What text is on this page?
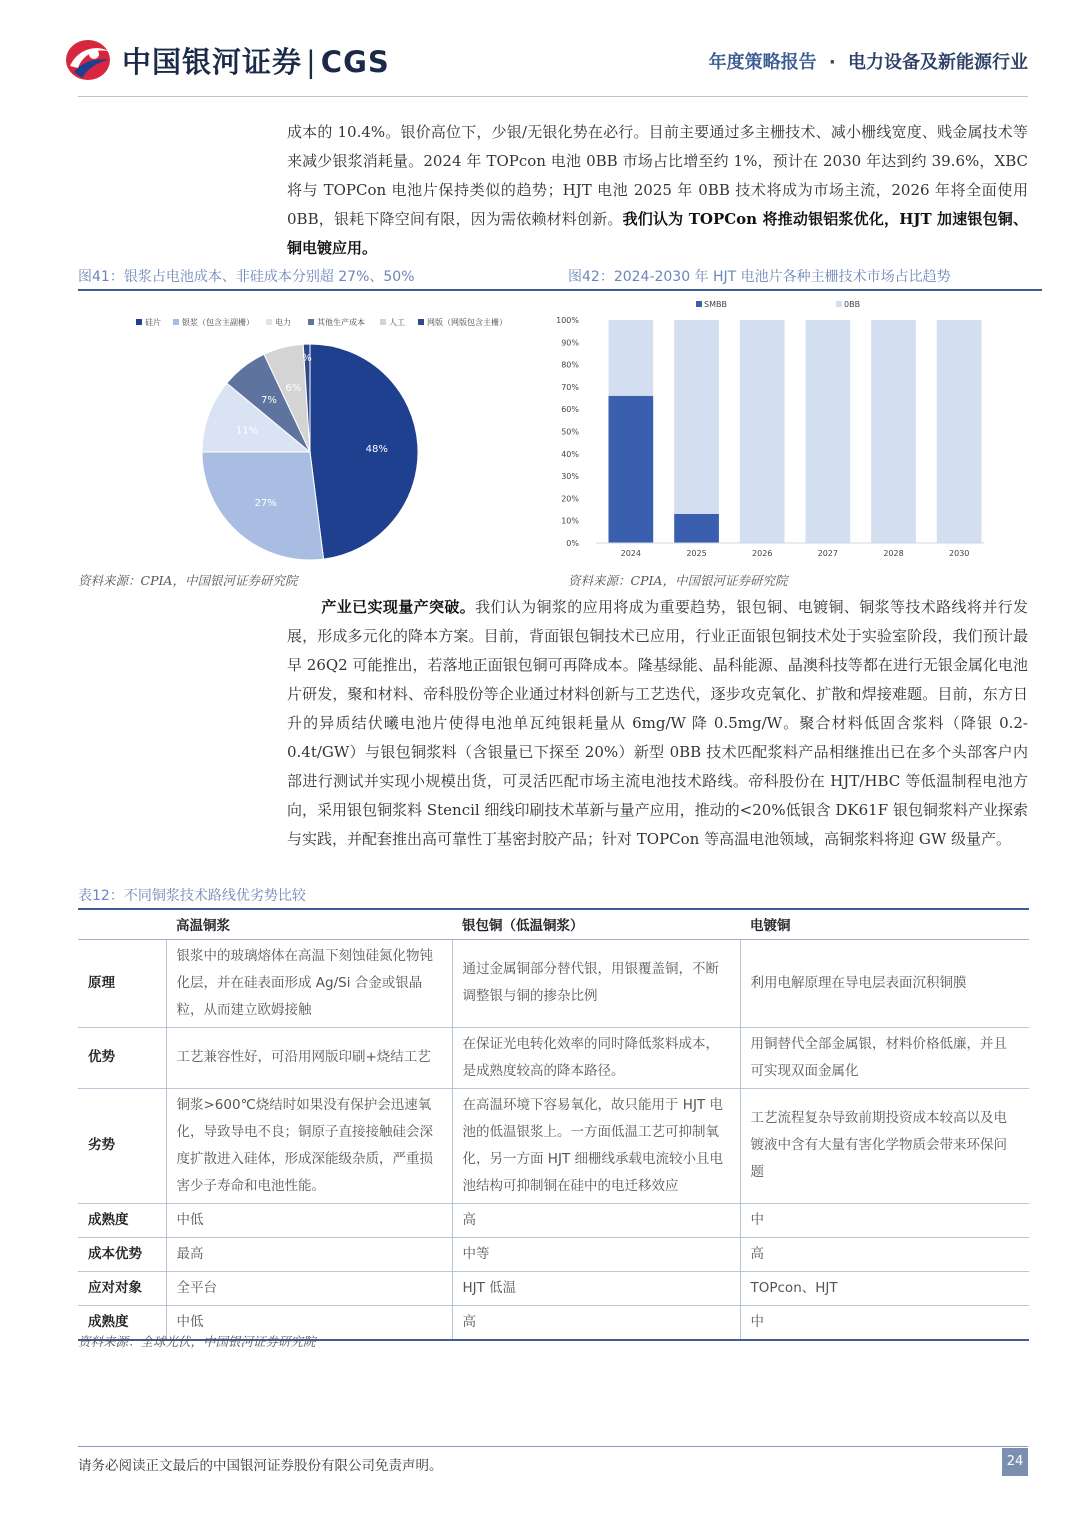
中国银河证券 | CGS	年度策略报告 · 电力设备及新能源行业
成本的 10.4%。银价高位下，少银/无银化势在必行。目前主要通过多主栅技术、减小栅线宽度、贱金属技术等来减少银浆消耗量。2024 年 TOPcon 电池 0BB 市场占比增至约 1%，预计在 2030 年达到约 39.6%，XBC 将与 TOPCon 电池片保持类似的趋势；HJT 电池 2025 年 0BB 技术将成为市场主流，2026 年将全面使用 0BB，银耗下降空间有限，因为需依赖材料创新。我们认为 TOPCon 将推动银铝浆优化，HJT 加速银包铜、铜电镀应用。
图41：银浆占电池成本、非硅成本分别超 27%、50%	图42：2024-2030 年 HJT 电池片各种主栅技术市场占比趋势
硅片	银浆（包含主副栅）	电力	其他生产成本	人工	网版（网版包含主栅）
48%
27%
11%
7%
6%
%
SMBB	0BB
0%
10%
20%
30%
40%
50%
60%
70%
80%
90%
100%
2024	2025	2026	2027	2028	2030
资料来源：CPIA，中国银河证券研究院	资料来源：CPIA，中国银河证券研究院
产业已实现量产突破。我们认为铜浆的应用将成为重要趋势，银包铜、电镀铜、铜浆等技术路线将并行发展，形成多元化的降本方案。目前，背面银包铜技术已应用，行业正面银包铜技术处于实验室阶段，我们预计最早 26Q2 可能推出，若落地正面银包铜可再降成本。隆基绿能、晶科能源、晶澳科技等都在进行无银金属化电池片研发，聚和材料、帝科股份等企业通过材料创新与工艺迭代，逐步攻克氧化、扩散和焊接难题。目前，东方日升的异质结伏曦电池片使得电池单瓦纯银耗量从 6mg/W 降 0.5mg/W。聚合材料低固含浆料（降银 0.2-0.4t/GW）与银包铜浆料（含银量已下探至 20%）新型 0BB 技术匹配浆料产品相继推出已在多个头部客户内部进行测试并实现小规模出货，可灵活匹配市场主流电池技术路线。帝科股份在 HJT/HBC 等低温制程电池方向，采用银包铜浆料 Stencil 细线印刷技术革新与量产应用，推动的<20%低银含 DK61F 银包铜浆料产业探索与实践，并配套推出高可靠性丁基密封胶产品；针对 TOPCon 等高温电池领域，高铜浆料将迎 GW 级量产。
表12：不同铜浆技术路线优劣势比较
	高温铜浆	银包铜（低温铜浆）	电镀铜
原理	银浆中的玻璃熔体在高温下刻蚀硅氮化物钝化层，并在硅表面形成 Ag/Si 合金或银晶粒，从而建立欧姆接触	通过金属铜部分替代银，用银覆盖铜，不断调整银与铜的掺杂比例	利用电解原理在导电层表面沉积铜膜
优势	工艺兼容性好，可沿用网版印刷+烧结工艺	在保证光电转化效率的同时降低浆料成本，是成熟度较高的降本路径。	用铜替代全部金属银，材料价格低廉，并且可实现双面金属化
劣势	铜浆>600℃烧结时如果没有保护会迅速氧化，导致导电不良；铜原子直接接触硅会深度扩散进入硅体，形成深能级杂质，严重损害少子寿命和电池性能。	在高温环境下容易氧化，故只能用于 HJT 电池的低温银浆上。一方面低温工艺可抑制氧化，另一方面 HJT 细栅线承载电流较小且电池结构可抑制铜在硅中的电迁移效应	工艺流程复杂导致前期投资成本较高以及电镀液中含有大量有害化学物质会带来环保问题
成熟度	中低	高	中
成本优势	最高	中等	高
应对对象	全平台	HJT 低温	TOPcon、HJT
成熟度	中低	高	中
资料来源：全球光伏，中国银河证券研究院
请务必阅读正文最后的中国银河证券股份有限公司免责声明。	24
